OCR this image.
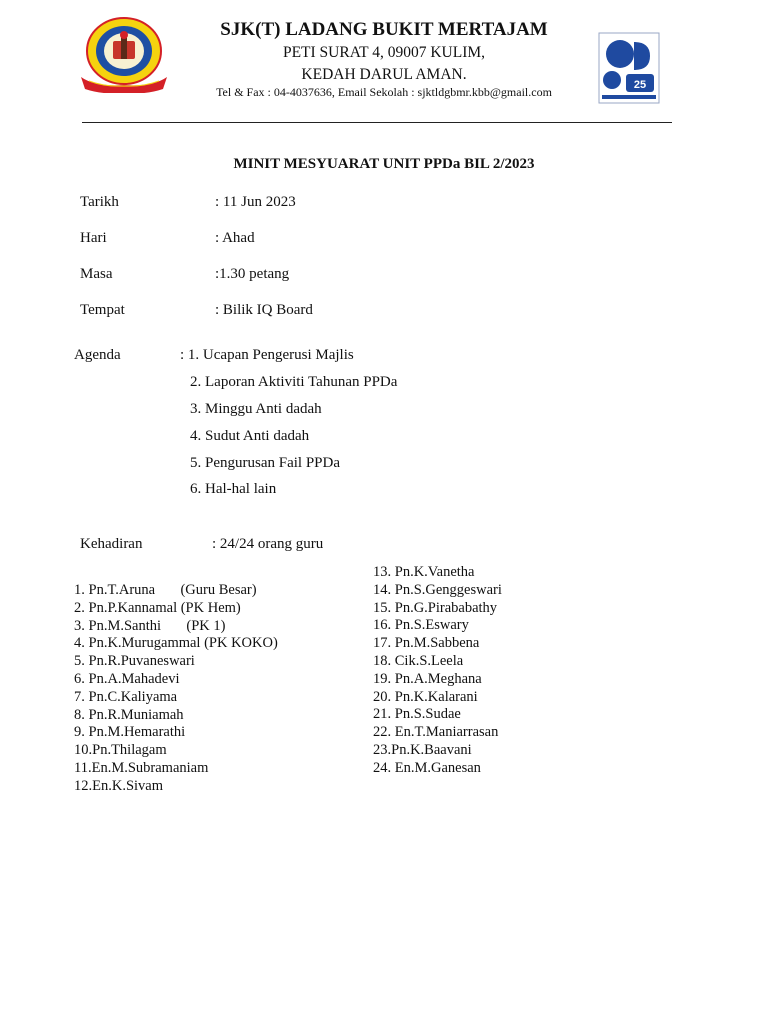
25
SJK(T) LADANG BUKIT MERTAJAM
PETI SURAT 4, 09007 KULIM,
KEDAH DARUL AMAN.
Tel & Fax : 04-4037636, Email Sekolah : sjktldgbmr.kbb@gmail.com
MINIT MESYUARAT UNIT PPDa BIL 2/2023
Tarikh	: 11 Jun 2023
Hari	: Ahad
Masa	:1.30 petang
Tempat	: Bilik IQ Board
Agenda	: 1. Ucapan Pengerusi Majlis
2. Laporan Aktiviti Tahunan PPDa
3. Minggu Anti dadah
4. Sudut Anti dadah
5. Pengurusan Fail PPDa
6. Hal-hal lain
Kehadiran	: 24/24 orang guru
1. Pn.T.Aruna       (Guru Besar)
2. Pn.P.Kannamal (PK Hem)
3. Pn.M.Santhi       (PK 1)
4. Pn.K.Murugammal (PK KOKO)
5. Pn.R.Puvaneswari
6. Pn.A.Mahadevi
7. Pn.C.Kaliyama
8. Pn.R.Muniamah
9. Pn.M.Hemarathi
10.Pn.Thilagam
11.En.M.Subramaniam
12.En.K.Sivam
13. Pn.K.Vanetha
14. Pn.S.Genggeswari
15. Pn.G.Pirababathy
16. Pn.S.Eswary
17. Pn.M.Sabbena
18. Cik.S.Leela
19. Pn.A.Meghana
20. Pn.K.Kalarani
21. Pn.S.Sudae
22. En.T.Maniarrasan
23.Pn.K.Baavani
24. En.M.Ganesan
